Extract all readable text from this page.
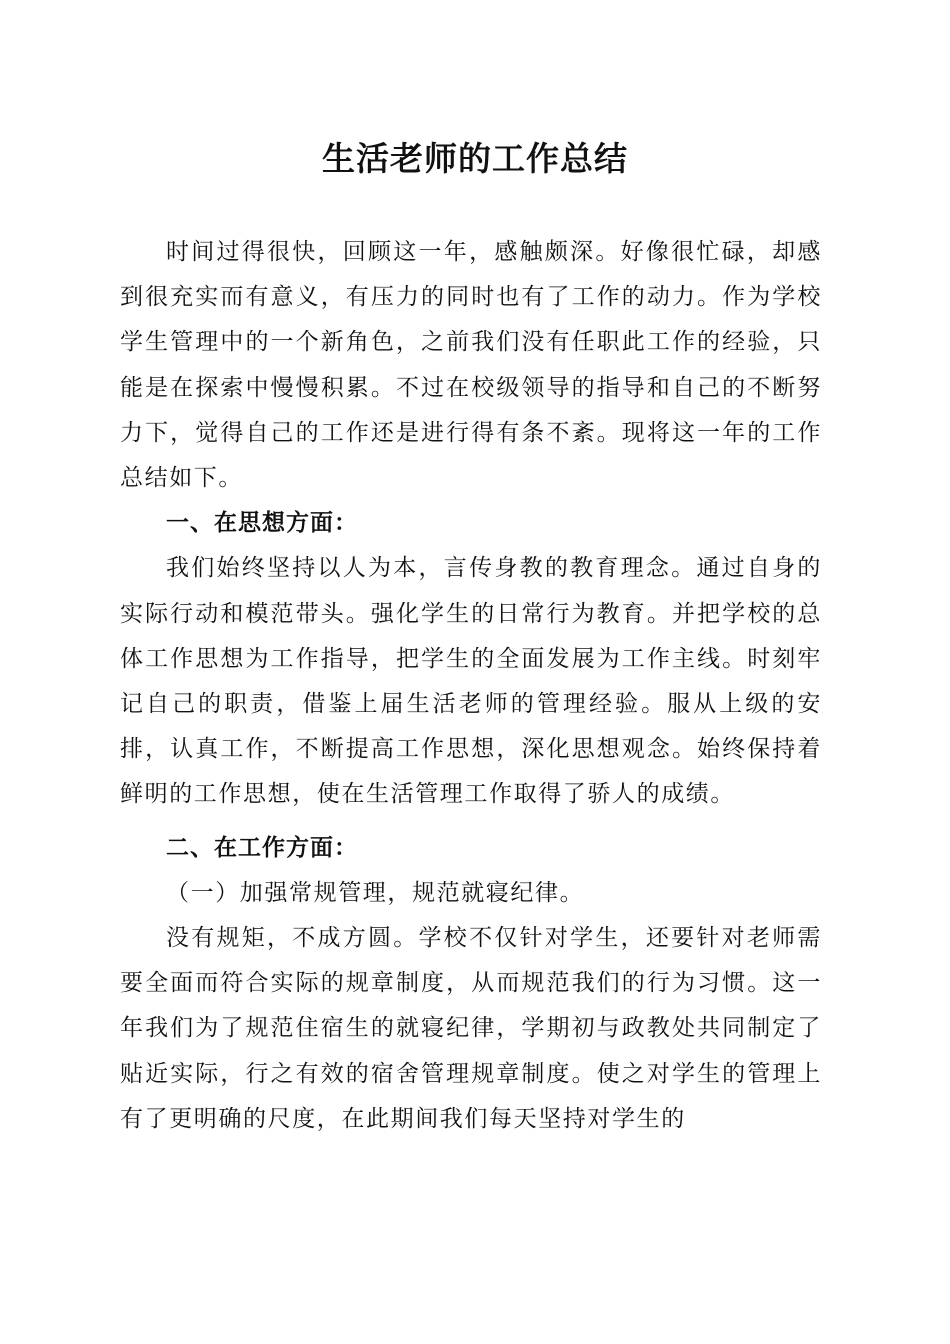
生活老师的工作总结

时间过得很快，回顾这一年，感触颇深。好像很忙碌，却感到很充实而有意义，有压力的同时也有了工作的动力。作为学校学生管理中的一个新角色，之前我们没有任职此工作的经验，只能是在探索中慢慢积累。不过在校级领导的指导和自己的不断努力下，觉得自己的工作还是进行得有条不紊。现将这一年的工作总结如下。

一、在思想方面：

我们始终坚持以人为本，言传身教的教育理念。通过自身的实际行动和模范带头。强化学生的日常行为教育。并把学校的总体工作思想为工作指导，把学生的全面发展为工作主线。时刻牢记自己的职责，借鉴上届生活老师的管理经验。服从上级的安排，认真工作，不断提高工作思想，深化思想观念。始终保持着鲜明的工作思想，使在生活管理工作取得了骄人的成绩。

二、在工作方面：

（一）加强常规管理，规范就寝纪律。

没有规矩，不成方圆。学校不仅针对学生，还要针对老师需要全面而符合实际的规章制度，从而规范我们的行为习惯。这一年我们为了规范住宿生的就寝纪律，学期初与政教处共同制定了贴近实际，行之有效的宿舍管理规章制度。使之对学生的管理上有了更明确的尺度，在此期间我们每天坚持对学生的
